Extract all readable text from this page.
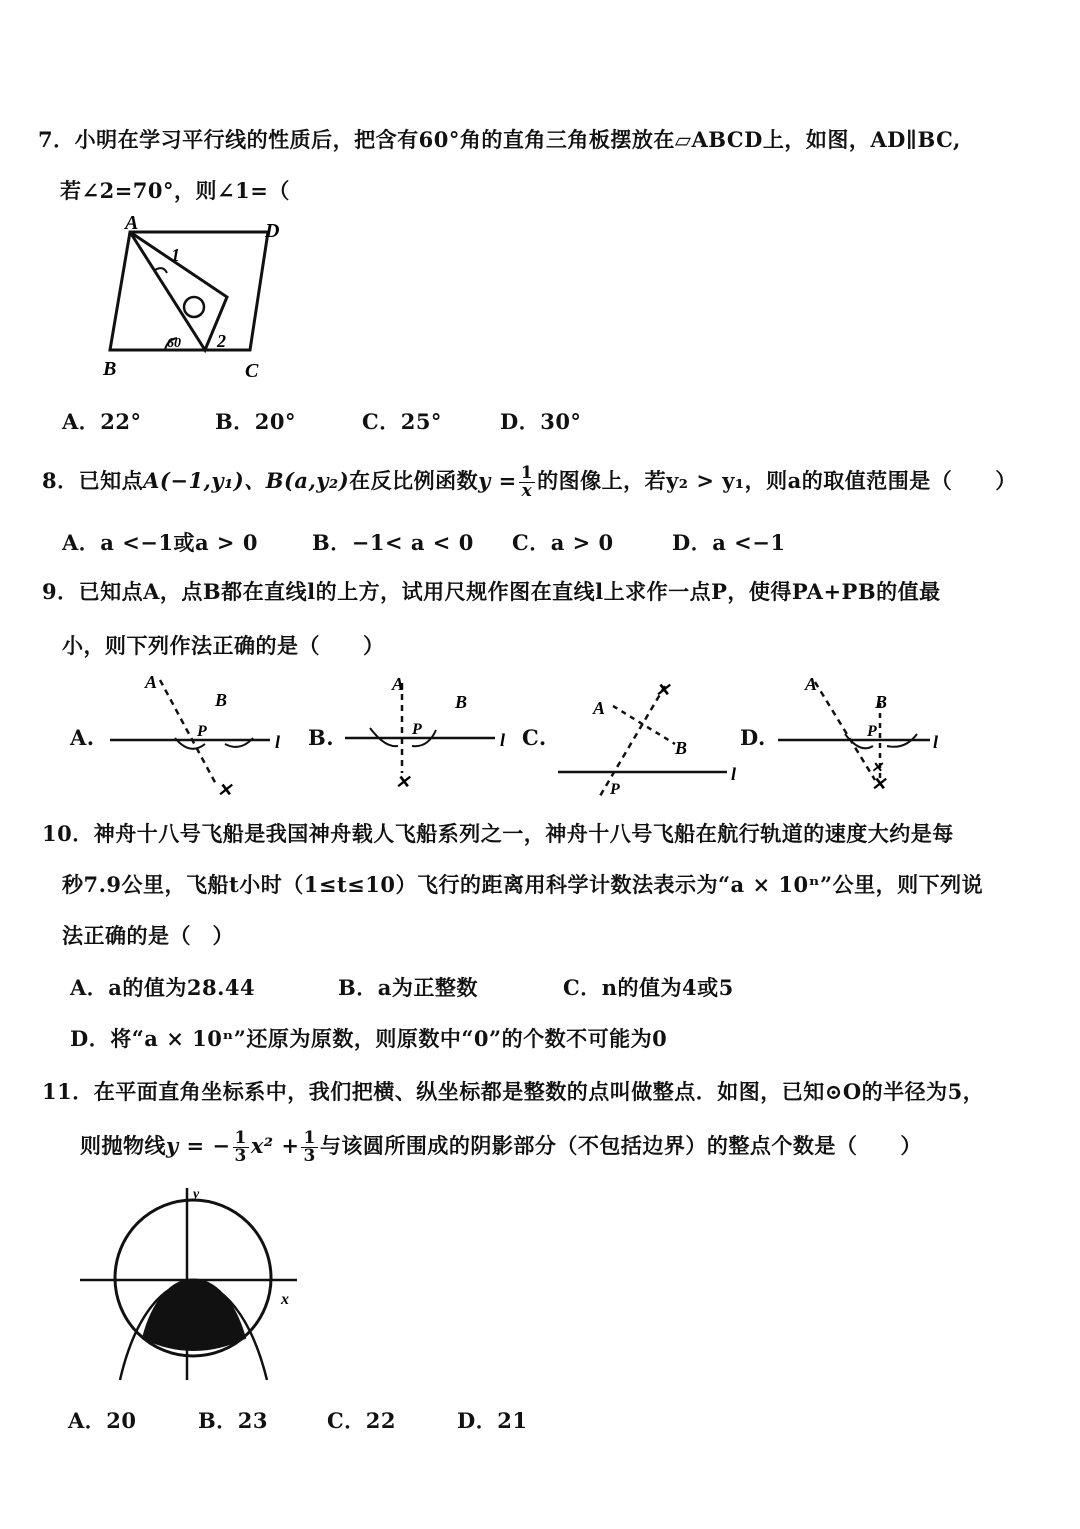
7．小明在学习平行线的性质后，把含有60°角的直角三角板摆放在▱ABCD上，如图，AD∥BC,
若∠2=70°，则∠1=（
A	D
B	C
1
2
60
A．22°	B．20°	C．25°	D．30°
8．已知点A(−1,y₁)、B(a,y₂)在反比例函数$y = \frac{1}{x}$ 的图像上，若y₂ > y₁，则a的取值范围是（　　）
A．a <−1或a > 0	B．−1< a < 0 C．a > 0	D．a <−1
9．已知点A，点B都在直线l的上方，试用尺规作图在直线l上求作一点P，使得PA+PB的值最
小，则下列作法正确的是（　　）
A.
✕
A
B
P
l B.
✕
A
B
P
l C.
✕
A
B
P
l
D.
✕
✕
A
B
P
l
10．神舟十八号飞船是我国神舟载人飞船系列之一，神舟十八号飞船在航行轨道的速度大约是每
秒7.9公里，飞船t小时（1≤t≤10）飞行的距离用科学计数法表示为“a × 10ⁿ”公里，则下列说
法正确的是（　）
A．a的值为28.44	B．a为正整数	C．n的值为4或5
D．将“a × 10ⁿ”还原为原数，则原数中“0”的个数不可能为0
11．在平面直角坐标系中，我们把横、纵坐标都是整数的点叫做整点．如图，已知⊙O的半径为5，
则抛物线y = − $\frac{1}{3} x^2 + \frac{1}{3}$ 与该圆所围成的阴影部分（不包括边界）的整点个数是（　　）
x
y
A．20	B．23	C．22	D．21
